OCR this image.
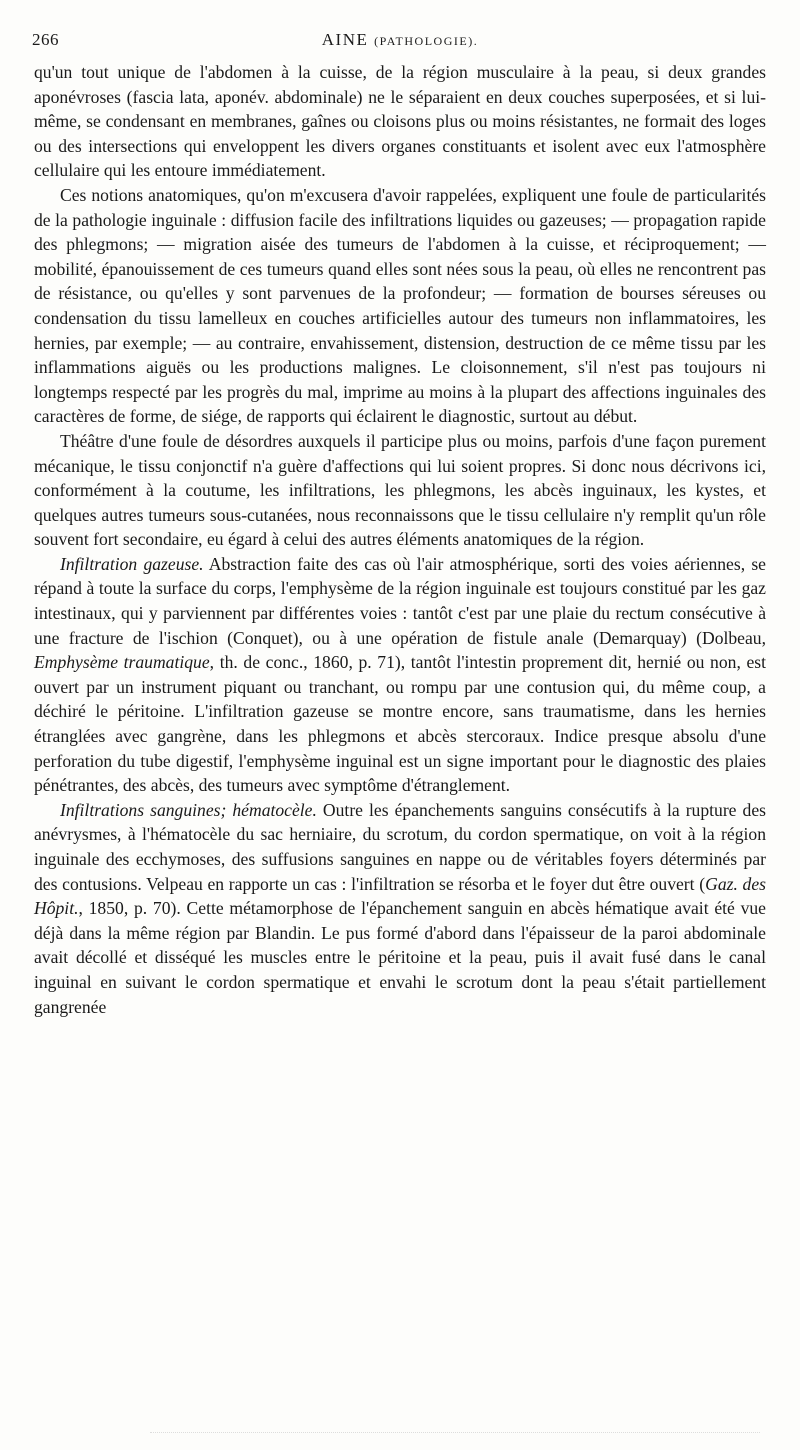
266	AINE (PATHOLOGIE).

qu'un tout unique de l'abdomen à la cuisse, de la région musculaire à la peau, si deux grandes aponévroses (fascia lata, aponév. abdominale) ne le séparaient en deux couches superposées, et si lui-même, se condensant en membranes, gaînes ou cloisons plus ou moins résistantes, ne formait des loges ou des intersections qui enveloppent les divers organes constituants et isolent avec eux l'atmosphère cellulaire qui les entoure immédiatement.

Ces notions anatomiques, qu'on m'excusera d'avoir rappelées, expliquent une foule de particularités de la pathologie inguinale : diffusion facile des infiltrations liquides ou gazeuses; — propagation rapide des phlegmons; — migration aisée des tumeurs de l'abdomen à la cuisse, et réciproquement; — mobilité, épanouissement de ces tumeurs quand elles sont nées sous la peau, où elles ne rencontrent pas de résistance, ou qu'elles y sont parvenues de la profondeur; — formation de bourses séreuses ou condensation du tissu lamelleux en couches artificielles autour des tumeurs non inflammatoires, les hernies, par exemple; — au contraire, envahissement, distension, destruction de ce même tissu par les inflammations aiguës ou les productions malignes. Le cloisonnement, s'il n'est pas toujours ni longtemps respecté par les progrès du mal, imprime au moins à la plupart des affections inguinales des caractères de forme, de siége, de rapports qui éclairent le diagnostic, surtout au début.

Théâtre d'une foule de désordres auxquels il participe plus ou moins, parfois d'une façon purement mécanique, le tissu conjonctif n'a guère d'affections qui lui soient propres. Si donc nous décrivons ici, conformément à la coutume, les infiltrations, les phlegmons, les abcès inguinaux, les kystes, et quelques autres tumeurs sous-cutanées, nous reconnaissons que le tissu cellulaire n'y remplit qu'un rôle souvent fort secondaire, eu égard à celui des autres éléments anatomiques de la région.

Infiltration gazeuse. Abstraction faite des cas où l'air atmosphérique, sorti des voies aériennes, se répand à toute la surface du corps, l'emphysème de la région inguinale est toujours constitué par les gaz intestinaux, qui y parviennent par différentes voies : tantôt c'est par une plaie du rectum consécutive à une fracture de l'ischion (Conquet), ou à une opération de fistule anale (Demarquay) (Dolbeau, Emphysème traumatique, th. de conc., 1860, p. 71), tantôt l'intestin proprement dit, hernié ou non, est ouvert par un instrument piquant ou tranchant, ou rompu par une contusion qui, du même coup, a déchiré le péritoine. L'infiltration gazeuse se montre encore, sans traumatisme, dans les hernies étranglées avec gangrène, dans les phlegmons et abcès stercoraux. Indice presque absolu d'une perforation du tube digestif, l'emphysème inguinal est un signe important pour le diagnostic des plaies pénétrantes, des abcès, des tumeurs avec symptôme d'étranglement.

Infiltrations sanguines; hématocèle. Outre les épanchements sanguins consécutifs à la rupture des anévrysmes, à l'hématocèle du sac herniaire, du scrotum, du cordon spermatique, on voit à la région inguinale des ecchymoses, des suffusions sanguines en nappe ou de véritables foyers déterminés par des contusions. Velpeau en rapporte un cas : l'infiltration se résorba et le foyer dut être ouvert (Gaz. des Hôpit., 1850, p. 70). Cette métamorphose de l'épanchement sanguin en abcès hématique avait été vue déjà dans la même région par Blandin. Le pus formé d'abord dans l'épaisseur de la paroi abdominale avait décollé et disséqué les muscles entre le péritoine et la peau, puis il avait fusé dans le canal inguinal en suivant le cordon spermatique et envahi le scrotum dont la peau s'était partiellement gangrenée
